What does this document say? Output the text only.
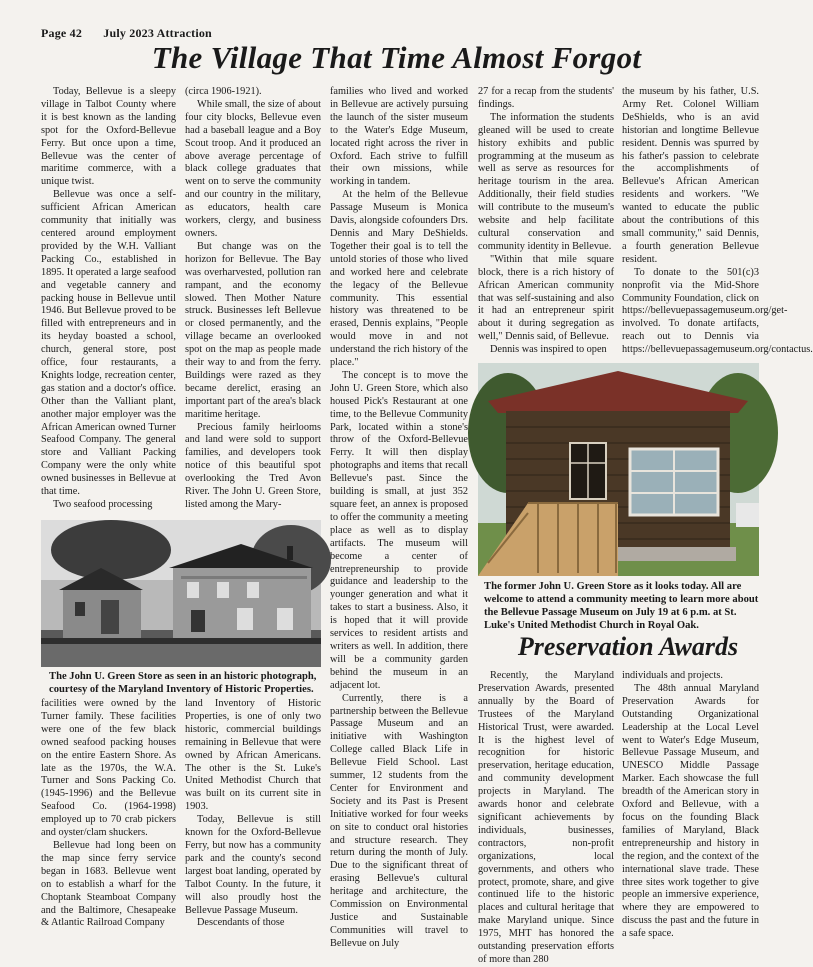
Page 42 July 2023 Attraction
The Village That Time Almost Forgot

Today, Bellevue is a sleepy village in Talbot County where it is best known as the landing spot for the Oxford-Bellevue Ferry. But once upon a time, Bellevue was the center of maritime commerce, with a unique twist.

Bellevue was once a self-sufficient African American community that initially was centered around employment provided by the W.H. Valliant Packing Co., established in 1895. It operated a large seafood and vegetable cannery and packing house in Bellevue until 1946. But Bellevue proved to be filled with entrepreneurs and in its heyday boasted a school, church, general store, post office, four restaurants, a Knights lodge, recreation center, gas station and a doctor's office. Other than the Valliant plant, another major employer was the African American owned Turner Seafood Company. The general store and Valliant Packing Company were the only white owned businesses in Bellevue at that time.

Two seafood processing

(circa 1906-1921).

While small, the size of about four city blocks, Bellevue even had a baseball league and a Boy Scout troop. And it produced an above average percentage of black college graduates that went on to serve the community and our country in the military, as educators, health care workers, clergy, and business owners.

But change was on the horizon for Bellevue. The Bay was overharvested, pollution ran rampant, and the economy slowed. Then Mother Nature struck. Businesses left Bellevue or closed permanently, and the village became an overlooked spot on the map as people made their way to and from the ferry. Buildings were razed as they became derelict, erasing an important part of the area's black maritime heritage.

Precious family heirlooms and land were sold to support families, and developers took notice of this beautiful spot overlooking the Tred Avon River. The John U. Green Store, listed among the Mary-

The John U. Green Store as seen in an historic photograph, courtesy of the Maryland Inventory of Historic Properties.

facilities were owned by the Turner family. These facilities were one of the few black owned seafood packing houses on the entire Eastern Shore. As late as the 1970s, the W.A. Turner and Sons Packing Co. (1945-1996) and the Bellevue Seafood Co. (1964-1998) employed up to 70 crab pickers and oyster/clam shuckers.

Bellevue had long been on the map since ferry service began in 1683. Bellevue went on to establish a wharf for the Choptank Steamboat Company and the Baltimore, Chesapeake & Atlantic Railroad Company

land Inventory of Historic Properties, is one of only two historic, commercial buildings remaining in Bellevue that were owned by African Americans. The other is the St. Luke's United Methodist Church that was built on its current site in 1903.

Today, Bellevue is still known for the Oxford-Bellevue Ferry, but now has a community park and the county's second largest boat landing, operated by Talbot County. In the future, it will also proudly host the Bellevue Passage Museum.

Descendants of those

families who lived and worked in Bellevue are actively pursuing the launch of the sister museum to the Water's Edge Museum, located right across the river in Oxford. Each strive to fulfill their own missions, while working in tandem.

At the helm of the Bellevue Passage Museum is Monica Davis, alongside cofounders Drs. Dennis and Mary DeShields. Together their goal is to tell the untold stories of those who lived and worked here and celebrate the legacy of the Bellevue community. This essential history was threatened to be erased, Dennis explains, "People would move in and not understand the rich history of the place."

The concept is to move the John U. Green Store, which also housed Pick's Restaurant at one time, to the Bellevue Community Park, located within a stone's throw of the Oxford-Bellevue Ferry. It will then display photographs and items that recall Bellevue's past. Since the building is small, at just 352 square feet, an annex is proposed to offer the community a meeting place as well as to display artifacts. The museum will become a center of entrepreneurship to provide guidance and leadership to the younger generation and what it takes to start a business. Also, it is hoped that it will provide services to resident artists and writers as well. In addition, there will be a community garden behind the museum in an adjacent lot.

Currently, there is a partnership between the Bellevue Passage Museum and an initiative with Washington College called Black Life in Bellevue Field School. Last summer, 12 students from the Center for Environment and Society and its Past is Present Initiative worked for four weeks on site to conduct oral histories and structure research. They return during the month of July. Due to the significant threat of erasing Bellevue's cultural heritage and architecture, the Commission on Environmental Justice and Sustainable Communities will travel to Bellevue on July

27 for a recap from the students' findings.

The information the students gleaned will be used to create history exhibits and public programming at the museum as well as serve as resources for heritage tourism in the area. Additionally, their field studies will contribute to the museum's website and help facilitate cultural conservation and community identity in Bellevue.

"Within that mile square block, there is a rich history of African American community that was self-sustaining and also it had an entrepreneur spirit about it during segregation as well," Dennis said, of Bellevue.

Dennis was inspired to open

the museum by his father, U.S. Army Ret. Colonel William DeShields, who is an avid historian and longtime Bellevue resident. Dennis was spurred by his father's passion to celebrate the accomplishments of Bellevue's African American residents and workers. "We wanted to educate the public about the contributions of this small community," said Dennis, a fourth generation Bellevue resident.

To donate to the 501(c)3 nonprofit via the Mid-Shore Community Foundation, click on https://bellevuepassagemuseum.org/get-involved. To donate artifacts, reach out to Dennis via https://bellevuepassagemuseum.org/contactus.

The former John U. Green Store as it looks today. All are welcome to attend a community meeting to learn more about the Bellevue Passage Museum on July 19 at 6 p.m. at St. Luke's United Methodist Church in Royal Oak.
Preservation Awards

Recently, the Maryland Preservation Awards, presented annually by the Board of Trustees of the Maryland Historical Trust, were awarded. It is the highest level of recognition for historic preservation, heritage education, and community development projects in Maryland. The awards honor and celebrate significant achievements by individuals, businesses, contractors, non-profit organizations, local governments, and others who protect, promote, share, and give continued life to the historic places and cultural heritage that make Maryland unique. Since 1975, MHT has honored the outstanding preservation efforts of more than 280

individuals and projects.

The 48th annual Maryland Preservation Awards for Outstanding Organizational Leadership at the Local Level went to Water's Edge Museum, Bellevue Passage Museum, and UNESCO Middle Passage Marker. Each showcase the full breadth of the American story in Oxford and Bellevue, with a focus on the founding Black families of Maryland, Black entrepreneurship and history in the region, and the context of the international slave trade. These three sites work together to give people an immersive experience, where they are empowered to discuss the past and the future in a safe space.
